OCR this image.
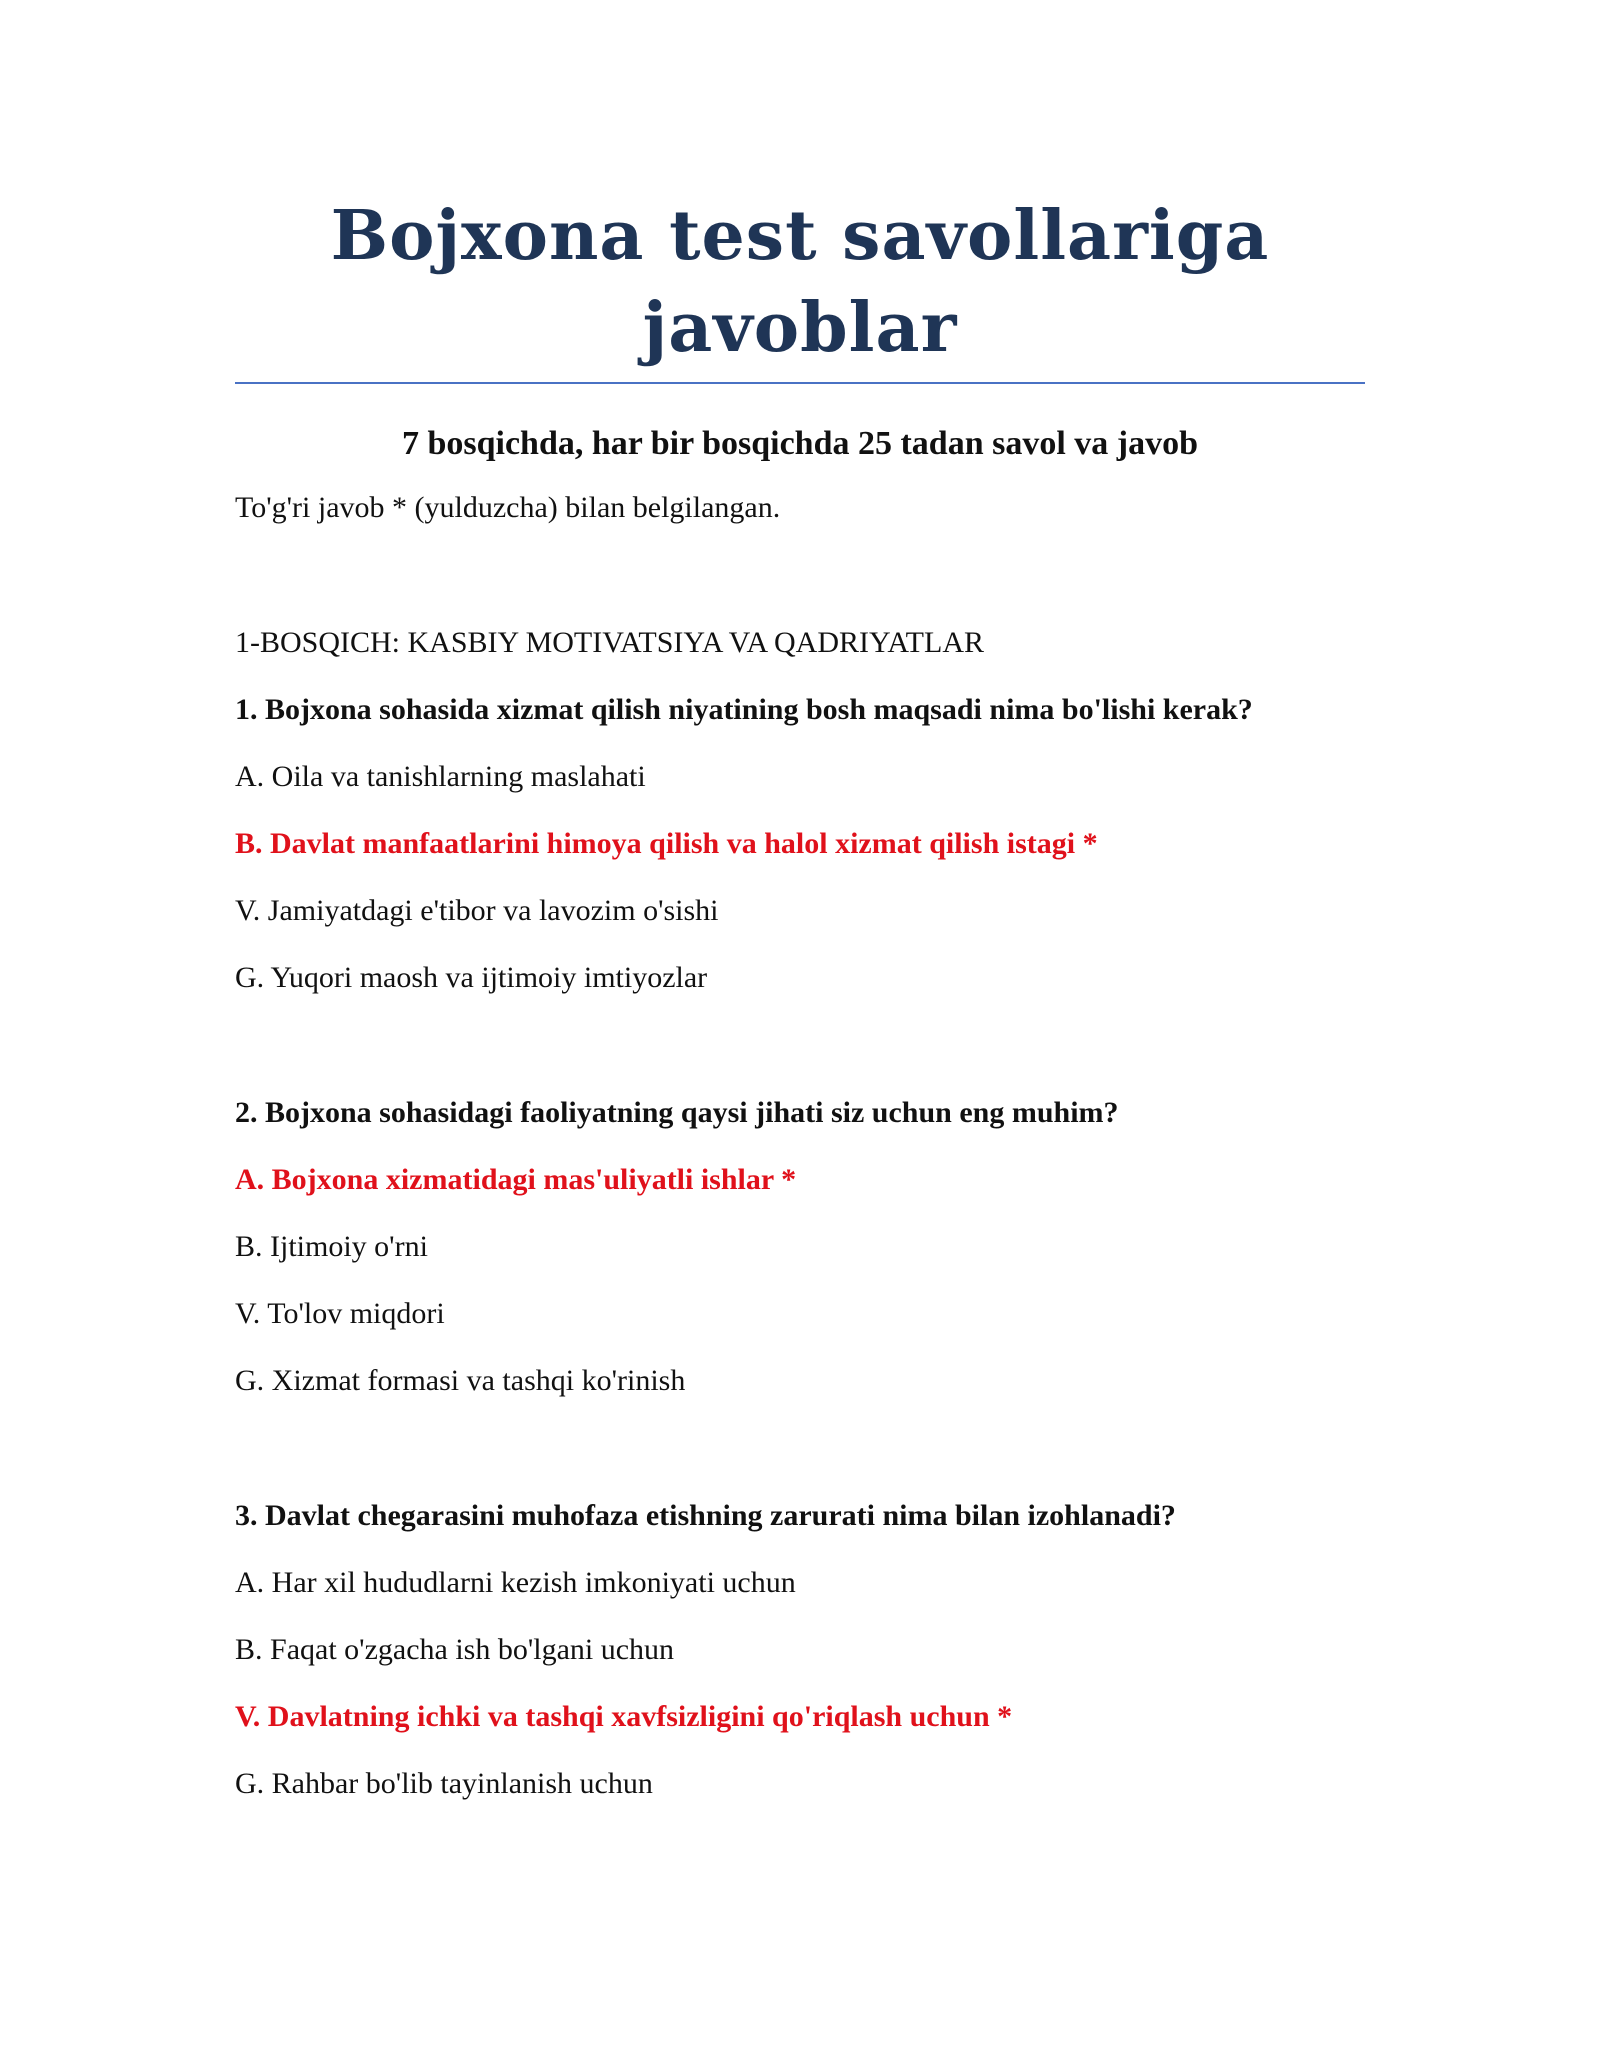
Bojxona test savollariga
javoblar
7 bosqichda, har bir bosqichda 25 tadan savol va javob
To'g'ri javob * (yulduzcha) bilan belgilangan.
1-BOSQICH: KASBIY MOTIVATSIYA VA QADRIYATLAR
1. Bojxona sohasida xizmat qilish niyatining bosh maqsadi nima bo'lishi kerak?
A. Oila va tanishlarning maslahati
B. Davlat manfaatlarini himoya qilish va halol xizmat qilish istagi *
V. Jamiyatdagi e'tibor va lavozim o'sishi
G. Yuqori maosh va ijtimoiy imtiyozlar
2. Bojxona sohasidagi faoliyatning qaysi jihati siz uchun eng muhim?
A. Bojxona xizmatidagi mas'uliyatli ishlar *
B. Ijtimoiy o'rni
V. To'lov miqdori
G. Xizmat formasi va tashqi ko'rinish
3. Davlat chegarasini muhofaza etishning zarurati nima bilan izohlanadi?
A. Har xil hududlarni kezish imkoniyati uchun
B. Faqat o'zgacha ish bo'lgani uchun
V. Davlatning ichki va tashqi xavfsizligini qo'riqlash uchun *
G. Rahbar bo'lib tayinlanish uchun
